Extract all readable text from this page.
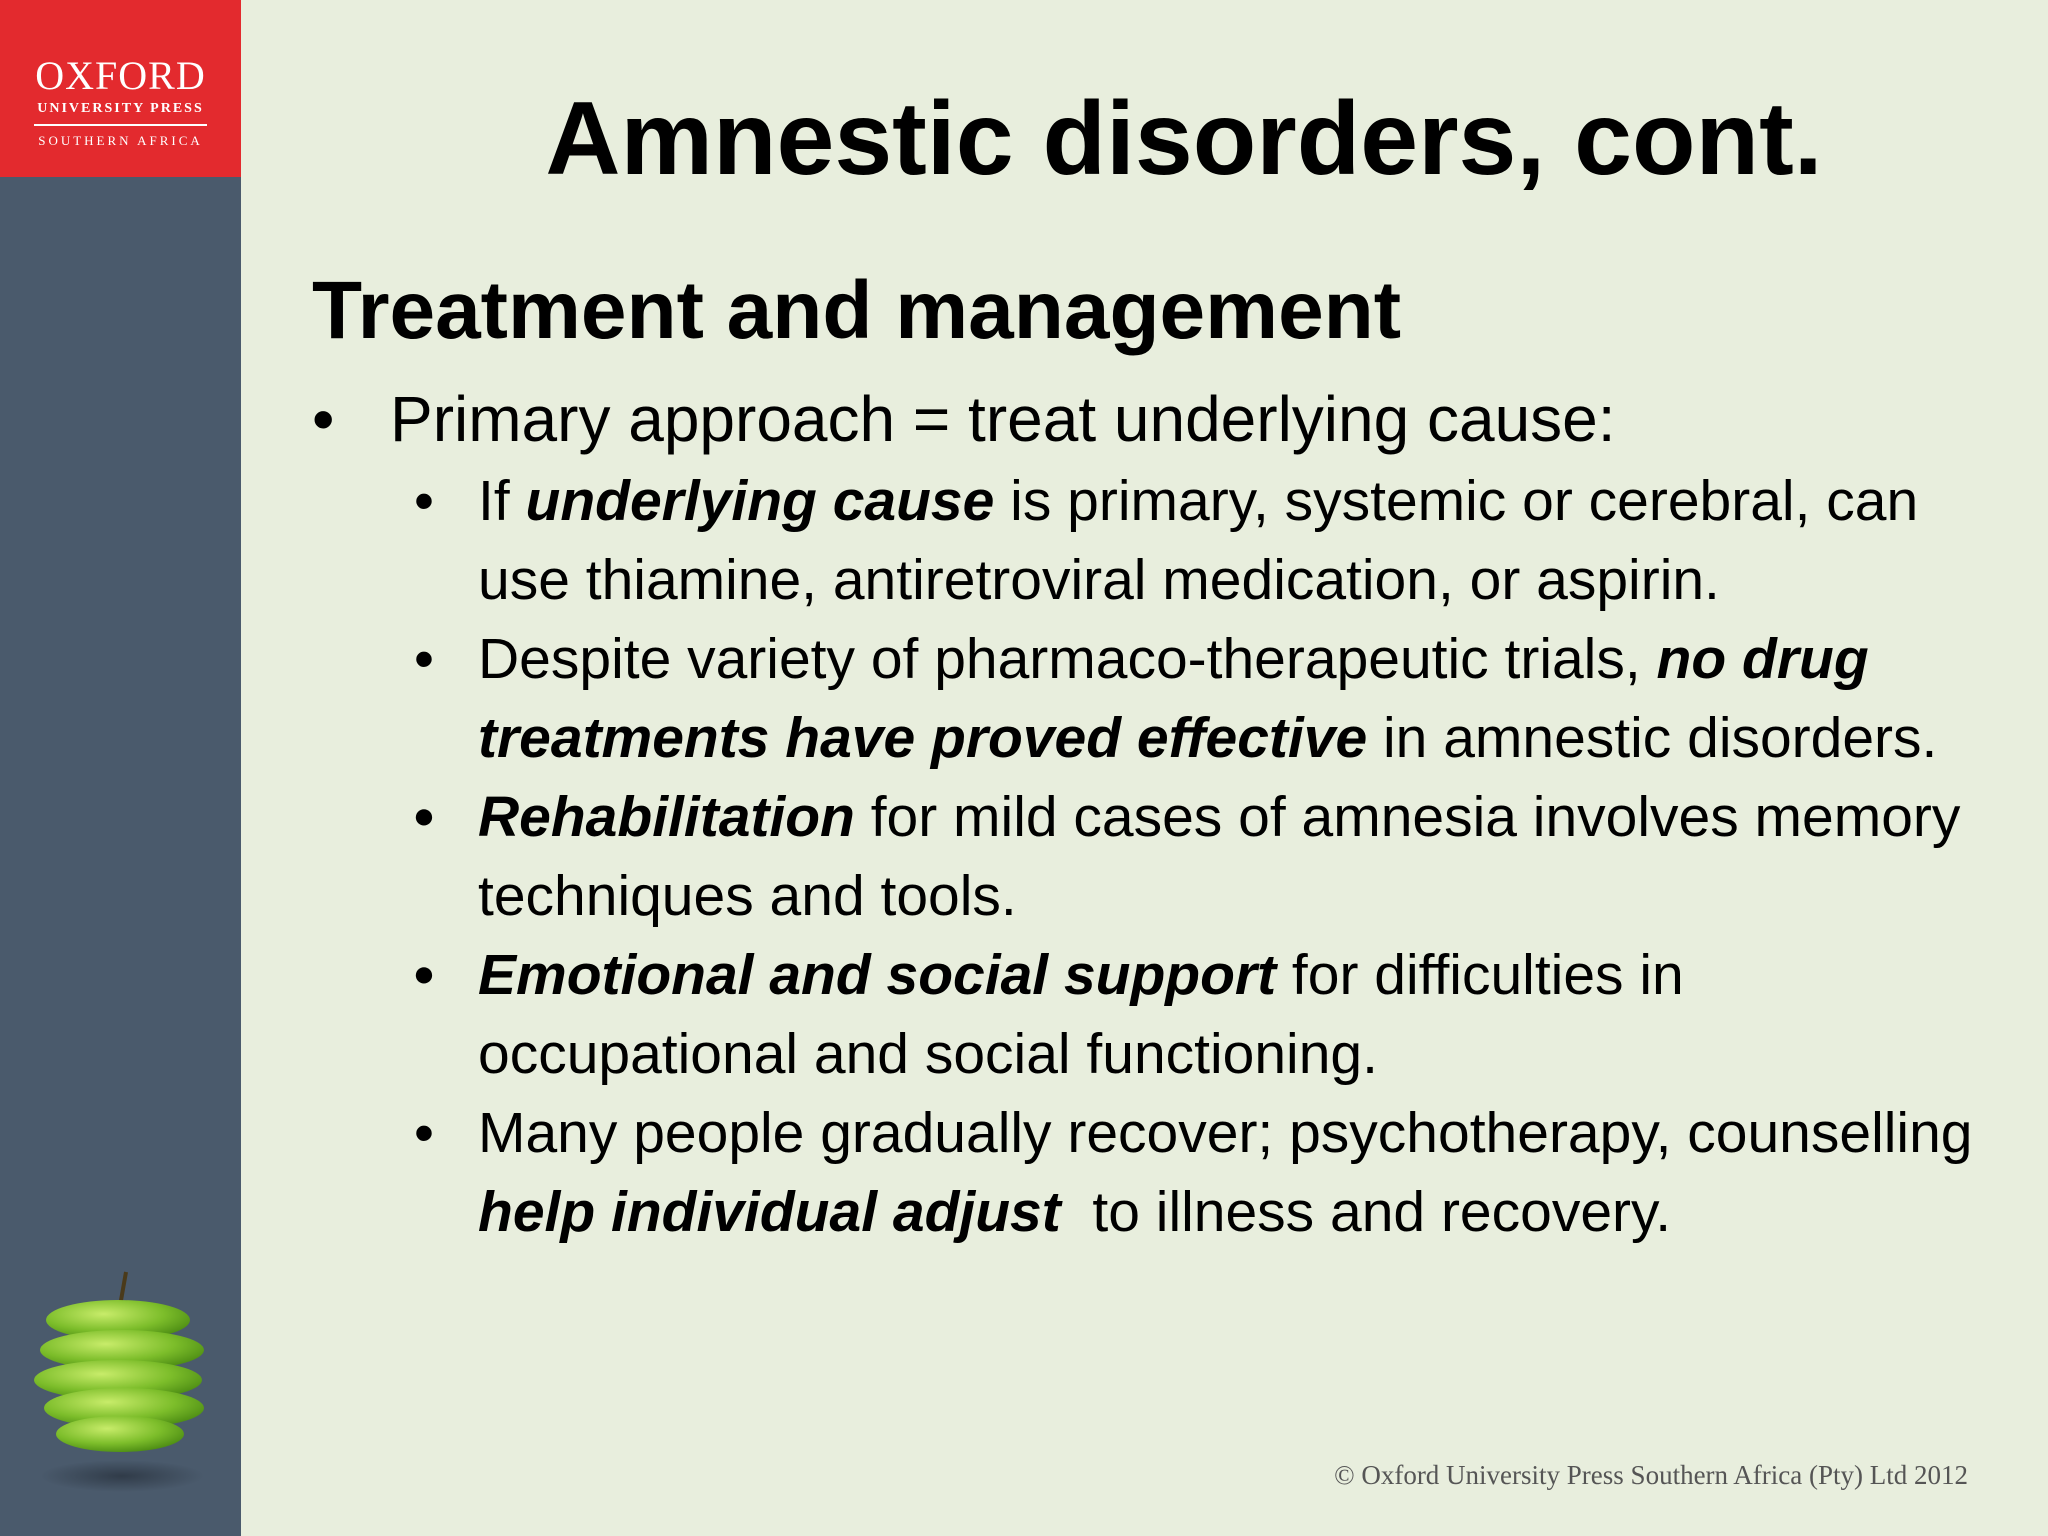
OXFORD
UNIVERSITY PRESS
SOUTHERN AFRICA	Amnestic disorders, cont.
Treatment and management
• Primary approach = treat underlying cause:
• If underlying cause is primary, systemic or cerebral, can use thiamine, antiretroviral medication, or aspirin.
• Despite variety of pharmaco-therapeutic trials, no drug treatments have proved effective in amnestic disorders.
• Rehabilitation for mild cases of amnesia involves memory techniques and tools.
• Emotional and social support for difficulties in occupational and social functioning.
• Many people gradually recover; psychotherapy, counselling help individual adjust  to illness and recovery.
© Oxford University Press Southern Africa (Pty) Ltd 2012
